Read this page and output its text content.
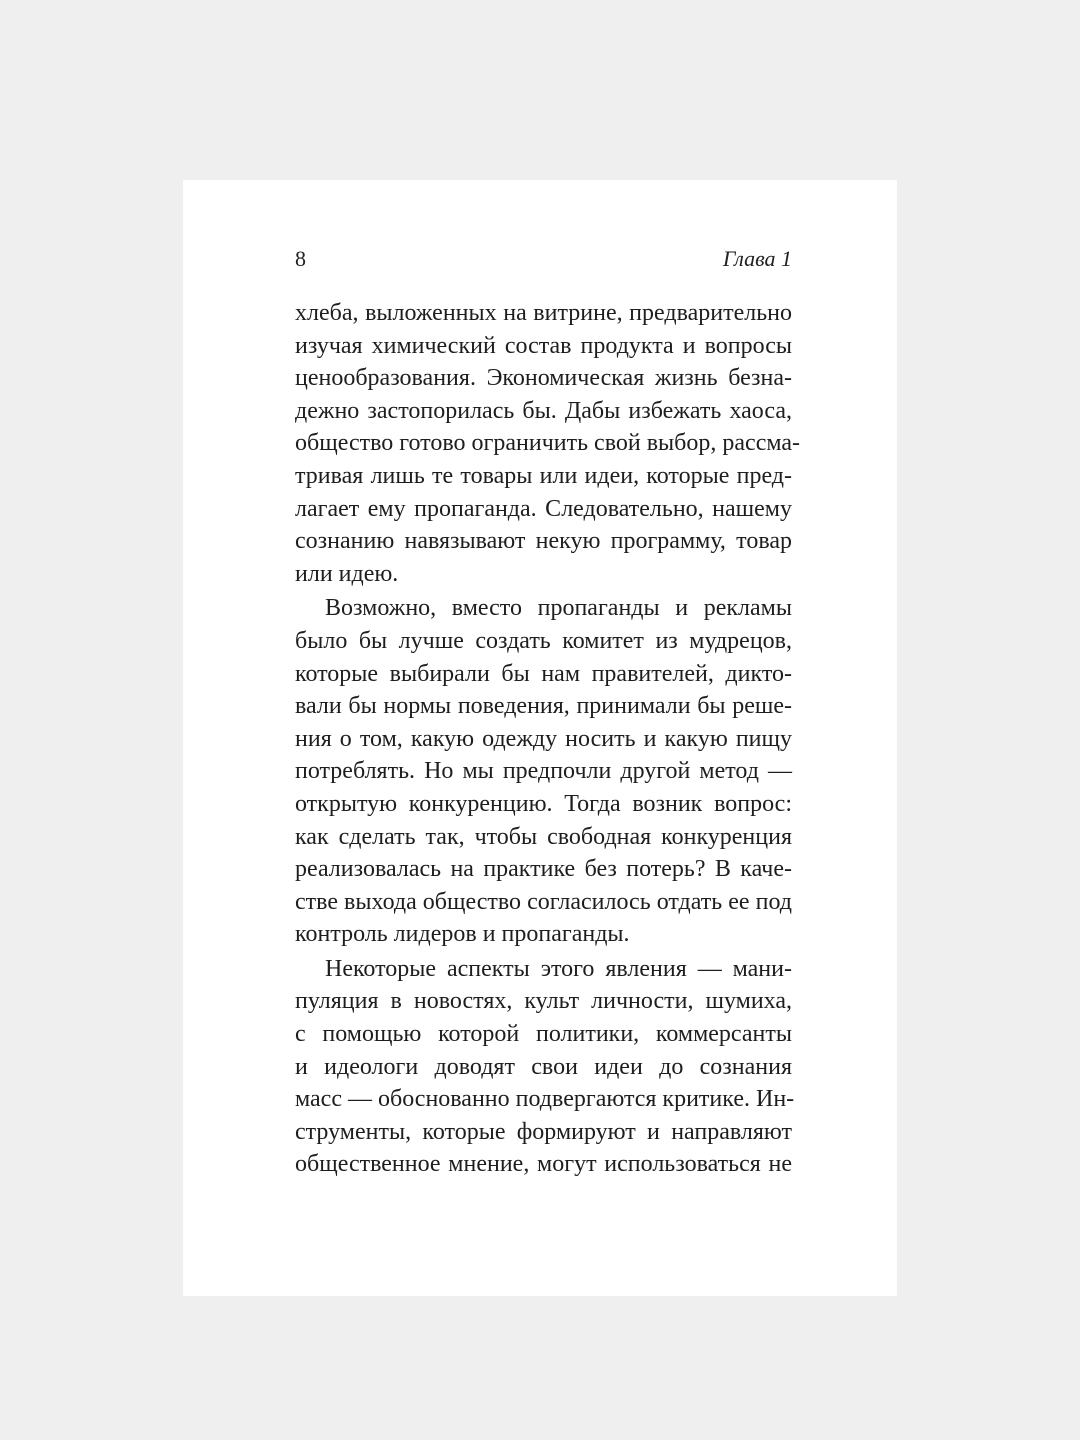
8	Глава 1
хлеба, выложенных на витрине, предварительно
изучая химический состав продукта и вопросы
ценообразования. Экономическая жизнь безна-
дежно застопорилась бы. Дабы избежать хаоса,
общество готово ограничить свой выбор, рассма-
тривая лишь те товары или идеи, которые пред-
лагает ему пропаганда. Следовательно, нашему
сознанию навязывают некую программу, товар
или идею.
Возможно, вместо пропаганды и рекламы
было бы лучше создать комитет из мудрецов,
которые выбирали бы нам правителей, дикто-
вали бы нормы поведения, принимали бы реше-
ния о том, какую одежду носить и какую пищу
потреблять. Но мы предпочли другой метод —
открытую конкуренцию. Тогда возник вопрос:
как сделать так, чтобы свободная конкуренция
реализовалась на практике без потерь? В каче-
стве выхода общество согласилось отдать ее под
контроль лидеров и пропаганды.
Некоторые аспекты этого явления — мани-
пуляция в новостях, культ личности, шумиха,
с помощью которой политики, коммерсанты
и идеологи доводят свои идеи до сознания
масс — обоснованно подвергаются критике. Ин-
струменты, которые формируют и направляют
общественное мнение, могут использоваться не
